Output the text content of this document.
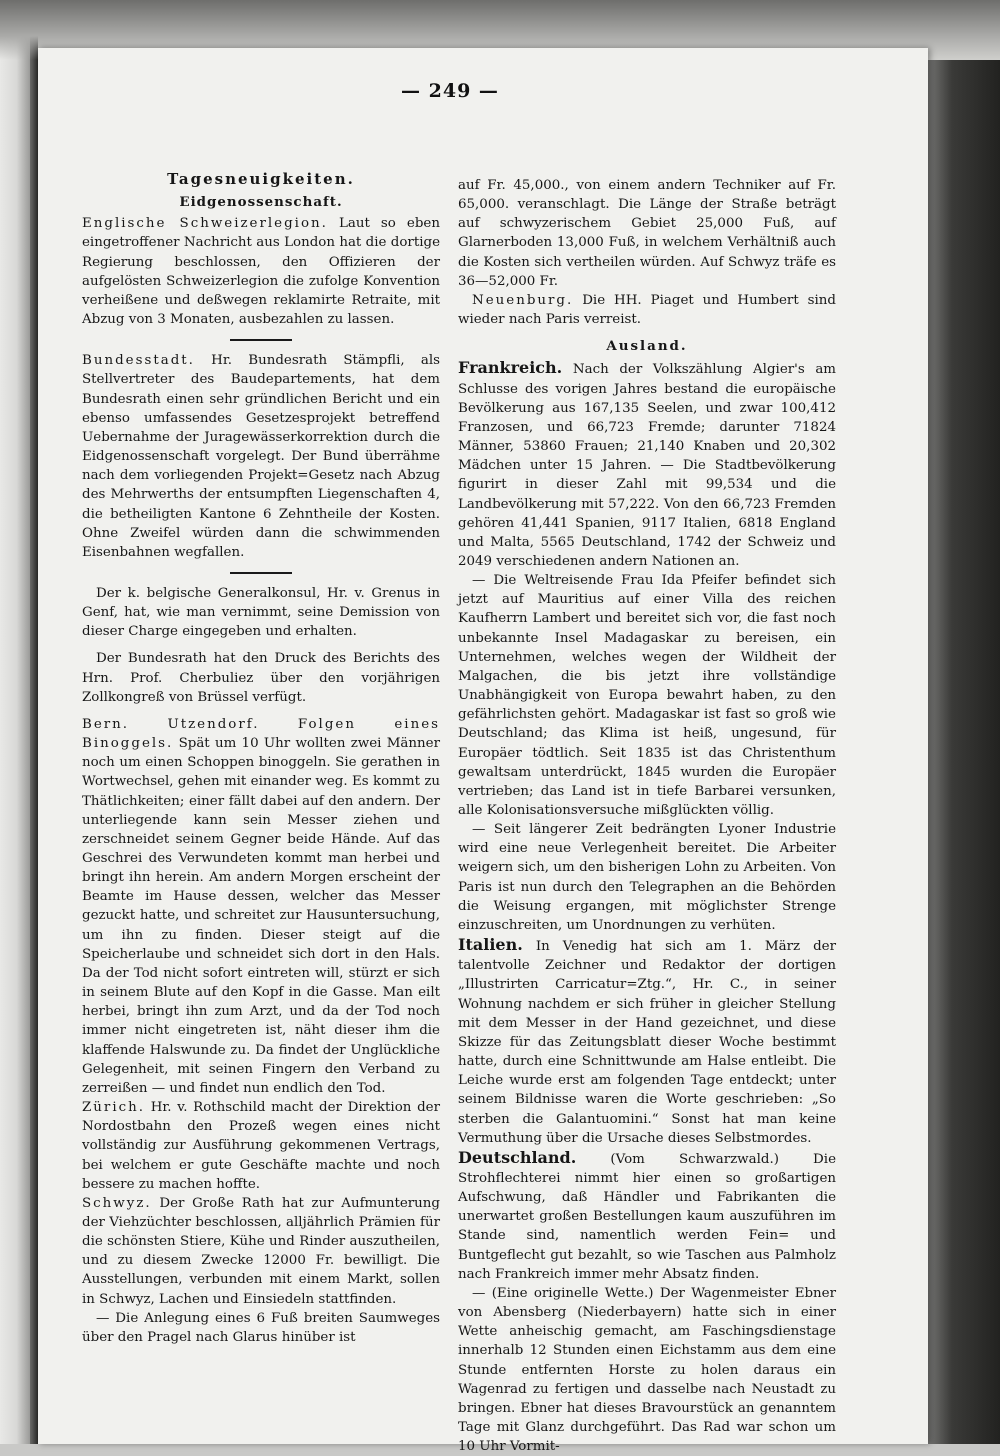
— 249 —

Tagesneuigkeiten.

Eidgenossenschaft.

Englische Schweizerlegion. Laut so eben eingetroffener Nachricht aus London hat die dortige Regierung beschlossen, den Offizieren der aufgelösten Schweizerlegion die zufolge Konvention verheißene und deßwegen reklamirte Retraite, mit Abzug von 3 Monaten, ausbezahlen zu lassen.

Bundesstadt. Hr. Bundesrath Stämpfli, als Stellvertreter des Baudepartements, hat dem Bundesrath einen sehr gründlichen Bericht und ein ebenso umfassendes Gesetzesprojekt betreffend Uebernahme der Juragewässerkorrektion durch die Eidgenossenschaft vorgelegt. Der Bund überrähme nach dem vorliegenden Projekt=Gesetz nach Abzug des Mehrwerths der entsumpften Liegenschaften 4, die betheiligten Kantone 6 Zehntheile der Kosten. Ohne Zweifel würden dann die schwimmenden Eisenbahnen wegfallen.

Der k. belgische Generalkonsul, Hr. v. Grenus in Genf, hat, wie man vernimmt, seine Demission von dieser Charge eingegeben und erhalten.

Der Bundesrath hat den Druck des Berichts des Hrn. Prof. Cherbuliez über den vorjährigen Zollkongreß von Brüssel verfügt.

Bern. Utzendorf. Folgen eines Binoggels. Spät um 10 Uhr wollten zwei Männer noch um einen Schoppen binoggeln. Sie gerathen in Wortwechsel, gehen mit einander weg. Es kommt zu Thätlichkeiten; einer fällt dabei auf den andern. Der unterliegende kann sein Messer ziehen und zerschneidet seinem Gegner beide Hände. Auf das Geschrei des Verwundeten kommt man herbei und bringt ihn herein. Am andern Morgen erscheint der Beamte im Hause dessen, welcher das Messer gezuckt hatte, und schreitet zur Hausuntersuchung, um ihn zu finden. Dieser steigt auf die Speicherlaube und schneidet sich dort in den Hals. Da der Tod nicht sofort eintreten will, stürzt er sich in seinem Blute auf den Kopf in die Gasse. Man eilt herbei, bringt ihn zum Arzt, und da der Tod noch immer nicht eingetreten ist, näht dieser ihm die klaffende Halswunde zu. Da findet der Unglückliche Gelegenheit, mit seinen Fingern den Verband zu zerreißen — und findet nun endlich den Tod.

Zürich. Hr. v. Rothschild macht der Direktion der Nordostbahn den Prozeß wegen eines nicht vollständig zur Ausführung gekommenen Vertrags, bei welchem er gute Geschäfte machte und noch bessere zu machen hoffte.

Schwyz. Der Große Rath hat zur Aufmunterung der Viehzüchter beschlossen, alljährlich Prämien für die schönsten Stiere, Kühe und Rinder auszutheilen, und zu diesem Zwecke 12000 Fr. bewilligt. Die Ausstellungen, verbunden mit einem Markt, sollen in Schwyz, Lachen und Einsiedeln stattfinden.

— Die Anlegung eines 6 Fuß breiten Saumweges über den Pragel nach Glarus hinüber ist

auf Fr. 45,000., von einem andern Techniker auf Fr. 65,000. veranschlagt. Die Länge der Straße beträgt auf schwyzerischem Gebiet 25,000 Fuß, auf Glarnerboden 13,000 Fuß, in welchem Verhältniß auch die Kosten sich vertheilen würden. Auf Schwyz träfe es 36—52,000 Fr.

Neuenburg. Die HH. Piaget und Humbert sind wieder nach Paris verreist.

Ausland.

Frankreich. Nach der Volkszählung Algier's am Schlusse des vorigen Jahres bestand die europäische Bevölkerung aus 167,135 Seelen, und zwar 100,412 Franzosen, und 66,723 Fremde; darunter 71824 Männer, 53860 Frauen; 21,140 Knaben und 20,302 Mädchen unter 15 Jahren. — Die Stadtbevölkerung figurirt in dieser Zahl mit 99,534 und die Landbevölkerung mit 57,222. Von den 66,723 Fremden gehören 41,441 Spanien, 9117 Italien, 6818 England und Malta, 5565 Deutschland, 1742 der Schweiz und 2049 verschiedenen andern Nationen an.

— Die Weltreisende Frau Ida Pfeifer befindet sich jetzt auf Mauritius auf einer Villa des reichen Kaufherrn Lambert und bereitet sich vor, die fast noch unbekannte Insel Madagaskar zu bereisen, ein Unternehmen, welches wegen der Wildheit der Malgachen, die bis jetzt ihre vollständige Unabhängigkeit von Europa bewahrt haben, zu den gefährlichsten gehört. Madagaskar ist fast so groß wie Deutschland; das Klima ist heiß, ungesund, für Europäer tödtlich. Seit 1835 ist das Christenthum gewaltsam unterdrückt, 1845 wurden die Europäer vertrieben; das Land ist in tiefe Barbarei versunken, alle Kolonisationsversuche mißglückten völlig.

— Seit längerer Zeit bedrängten Lyoner Industrie wird eine neue Verlegenheit bereitet. Die Arbeiter weigern sich, um den bisherigen Lohn zu Arbeiten. Von Paris ist nun durch den Telegraphen an die Behörden die Weisung ergangen, mit möglichster Strenge einzuschreiten, um Unordnungen zu verhüten.

Italien. In Venedig hat sich am 1. März der talentvolle Zeichner und Redaktor der dortigen „Illustrirten Carricatur=Ztg.“, Hr. C., in seiner Wohnung nachdem er sich früher in gleicher Stellung mit dem Messer in der Hand gezeichnet, und diese Skizze für das Zeitungsblatt dieser Woche bestimmt hatte, durch eine Schnittwunde am Halse entleibt. Die Leiche wurde erst am folgenden Tage entdeckt; unter seinem Bildnisse waren die Worte geschrieben: „So sterben die Galantuomini.“ Sonst hat man keine Vermuthung über die Ursache dieses Selbstmordes.

Deutschland.	(Vom Schwarzwald.) Die Strohflechterei nimmt hier einen so großartigen Aufschwung, daß Händler und Fabrikanten die unerwartet großen Bestellungen kaum auszuführen im Stande sind, namentlich werden Fein= und Buntgeflecht gut bezahlt, so wie Taschen aus Palmholz nach Frankreich immer mehr Absatz finden.

— (Eine originelle Wette.) Der Wagenmeister Ebner von Abensberg (Niederbayern) hatte sich in einer Wette anheischig gemacht, am Faschingsdienstage innerhalb 12 Stunden einen Eichstamm aus dem eine Stunde entfernten Horste zu holen daraus ein Wagenrad zu fertigen und dasselbe nach Neustadt zu bringen. Ebner hat dieses Bravourstück an genanntem Tage mit Glanz durchgeführt. Das Rad war schon um 10 Uhr Vormit-
